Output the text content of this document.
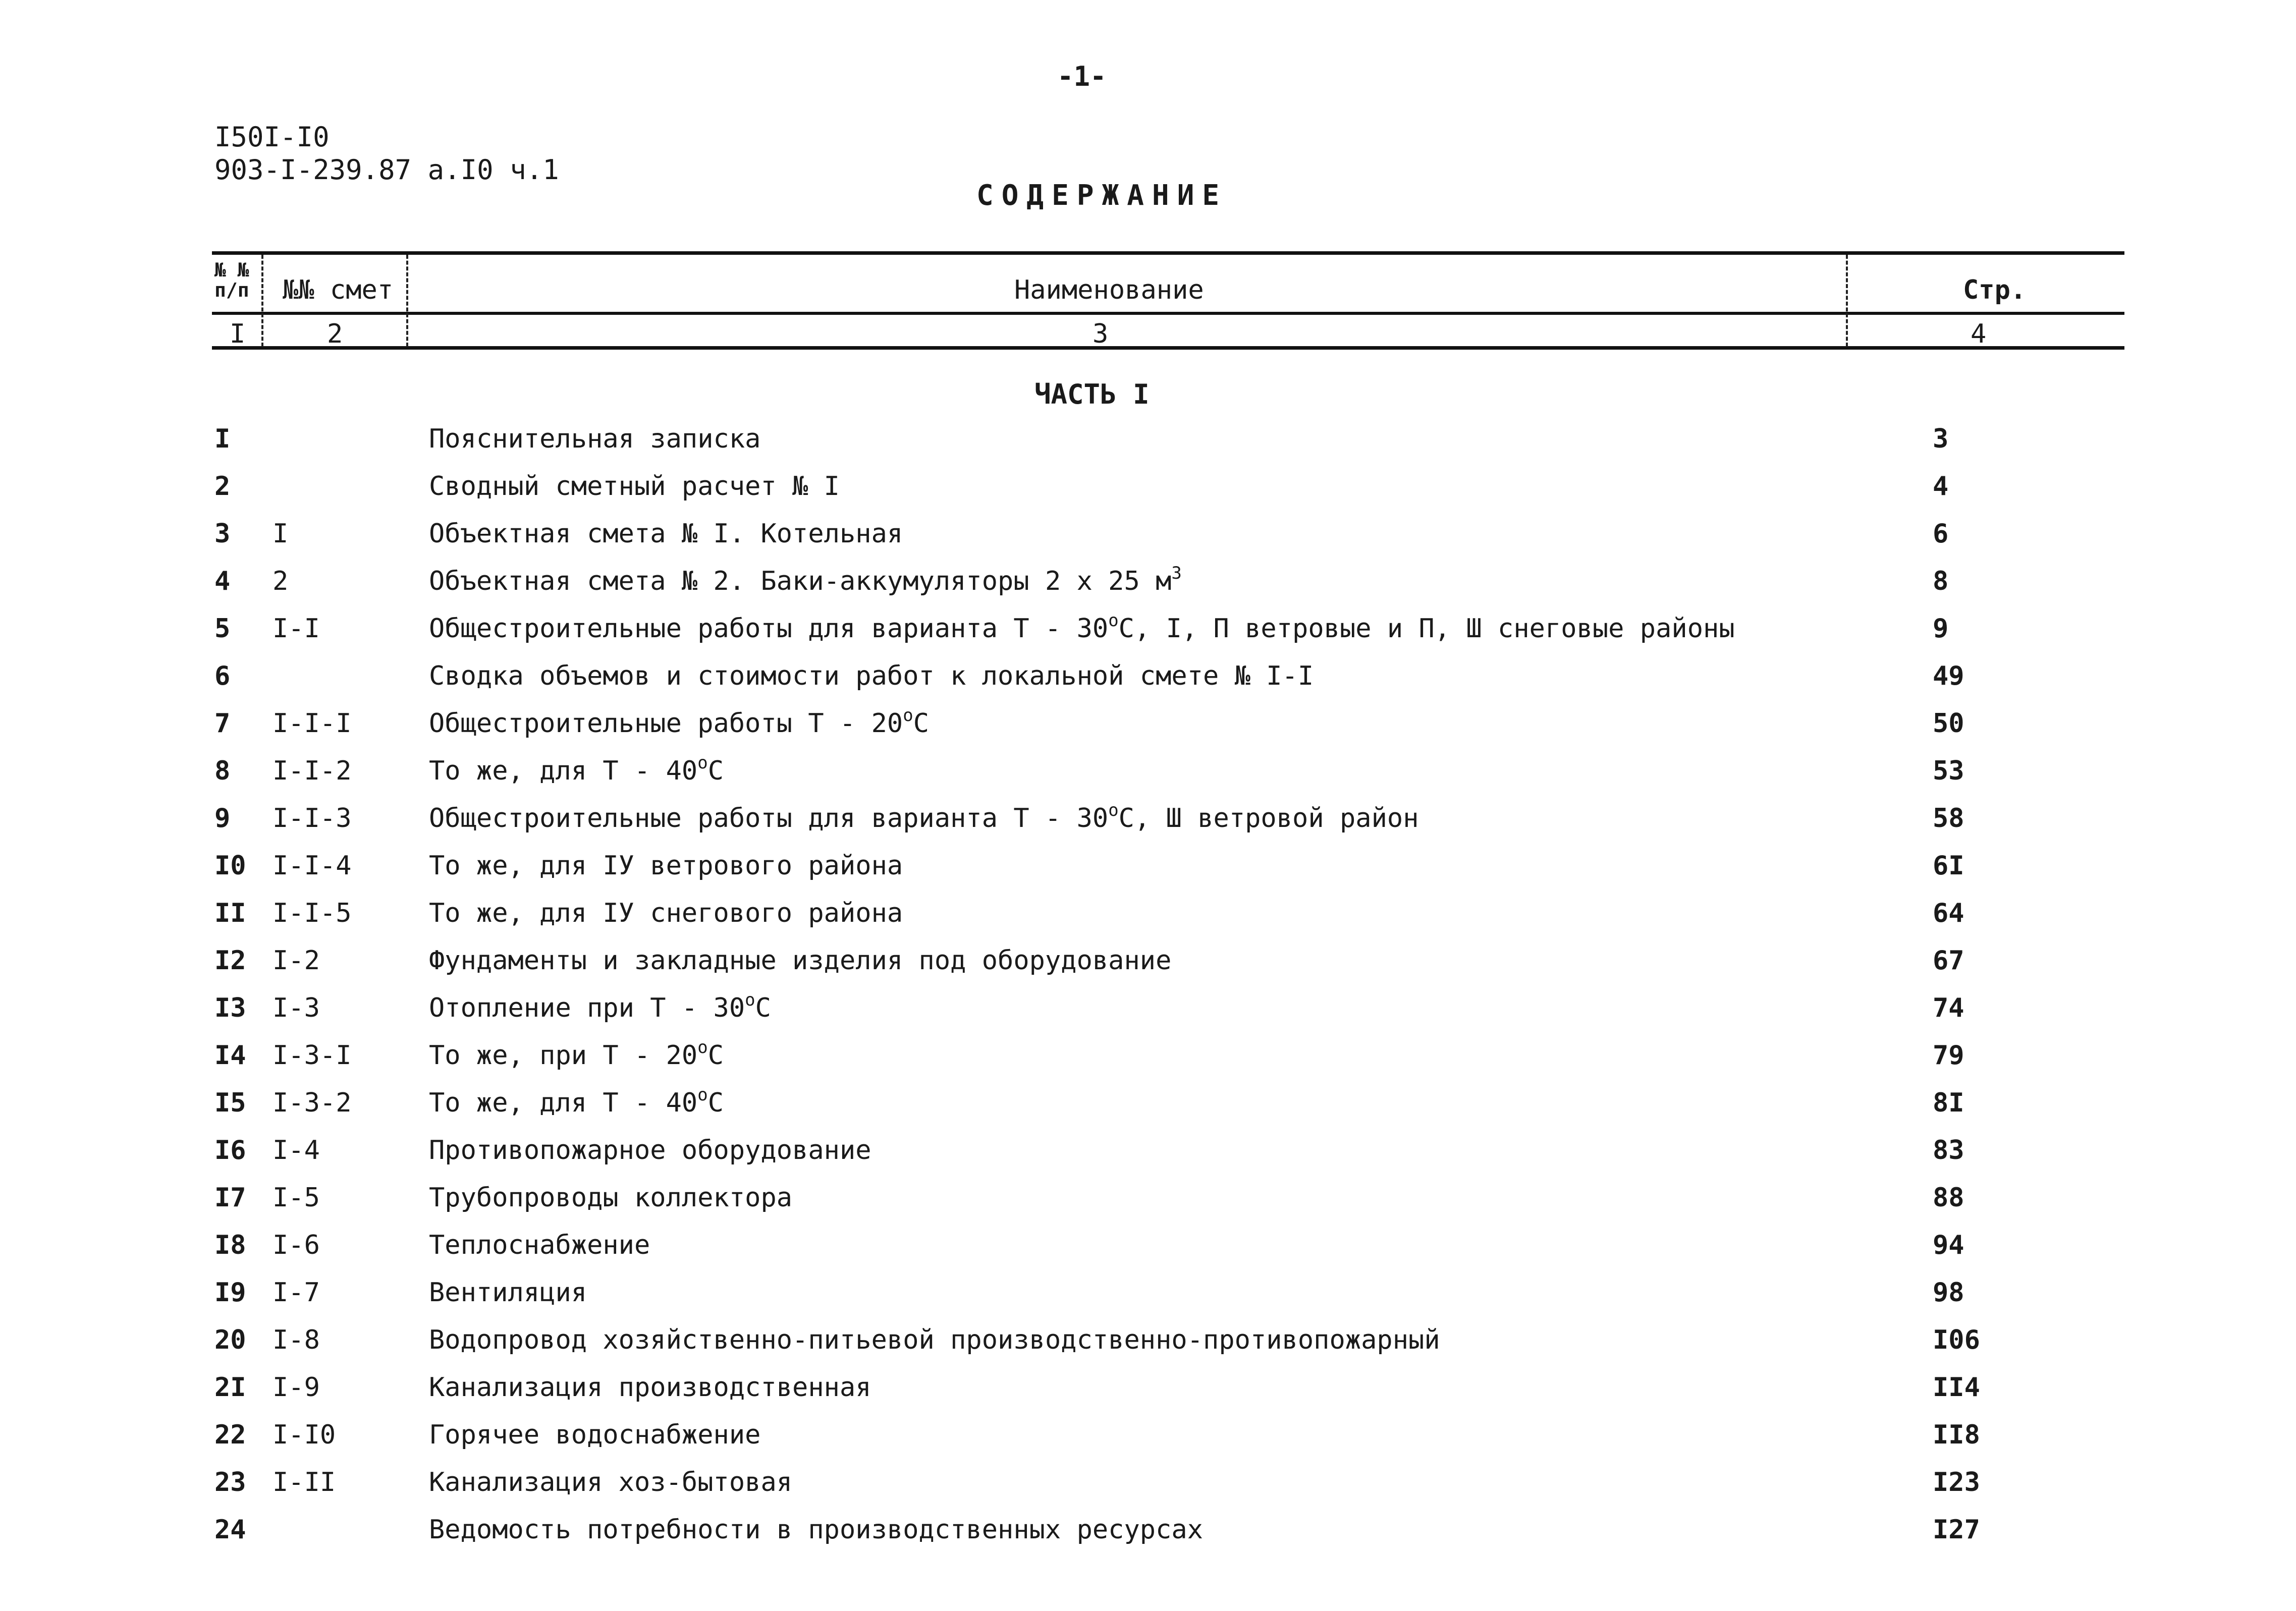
-1-
I50I-I0
903-I-239.87 а.I0 ч.1
СОДЕРЖАНИЕ
№ № п/п	№№ смет	Наименование	Стр.
I	2	3	4
ЧАСТЬ I
I	Пояснительная записка	3
2	Сводный сметный расчет № I	4
3 I	Объектная смета № I. Котельная	6
4 2	Объектная смета № 2. Баки-аккумуляторы 2 х 25 $м^3$	8
5 I-I	Общестроительные работы для варианта Т - $30^оС$, I, П ветровые и П, Ш снеговые районы	9
6	Сводка объемов и стоимости работ к локальной смете № I-I	49
7 I-I-I	Общестроительные работы Т - $20^оС$	50
8 I-I-2	То же, для Т - $40^оС$	53
9 I-I-3	Общестроительные работы для варианта Т - $30^оС$, Ш ветровой район	58
I0 I-I-4	То же, для IУ ветрового района	6I
II I-I-5	То же, для IУ снегового района	64
I2 I-2	Фундаменты и закладные изделия под оборудование	67
I3 I-3	Отопление при Т - $30^оС$	74
I4 I-3-I	То же, при Т - $20^оС$	79
I5 I-3-2	То же, для Т - $40^оС$	8I
I6 I-4	Противопожарное оборудование	83
I7 I-5	Трубопроводы коллектора	88
I8 I-6	Теплоснабжение	94
I9 I-7	Вентиляция	98
20 I-8	Водопровод хозяйственно-питьевой производственно-противопожарный	I06
2I I-9	Канализация производственная	II4
22 I-I0	Горячее водоснабжение	II8
23 I-II	Канализация хоз-бытовая	I23
24	Ведомость потребности в производственных ресурсах	I27
